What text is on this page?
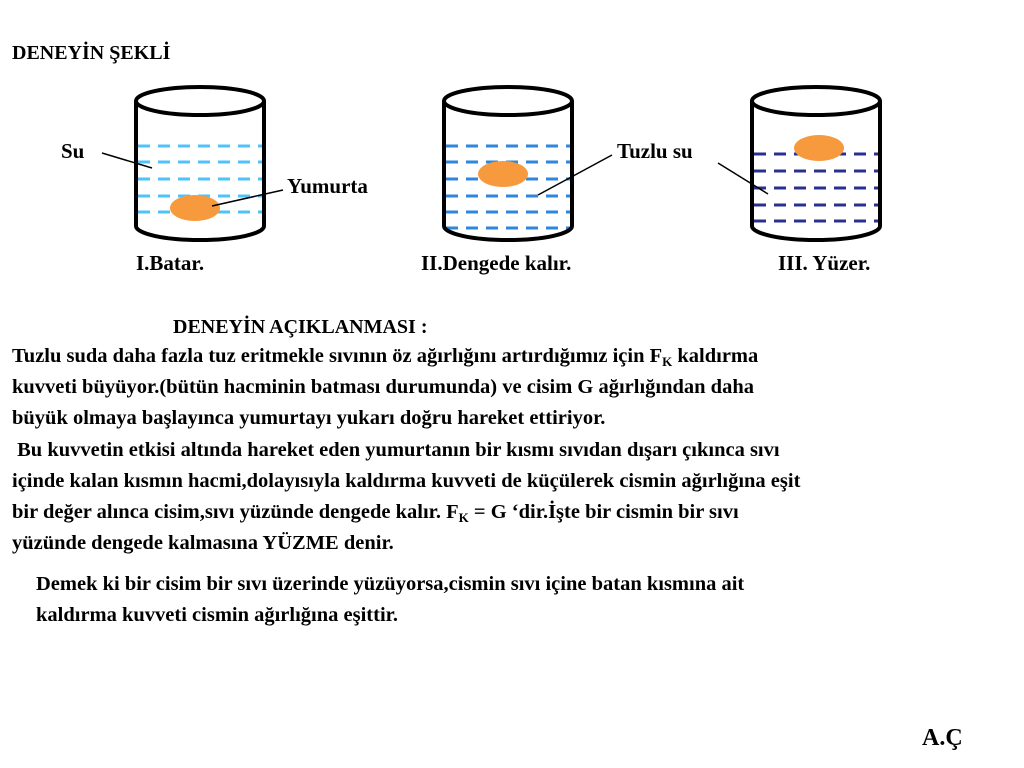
DENEYİN ŞEKLİ
Su
Yumurta
I.Batar.
Tuzlu su
II.Dengede kalır.	III. Yüzer.
DENEYİN AÇIKLANMASI :
Tuzlu suda daha fazla tuz eritmekle sıvının öz ağırlığını artırdığımız için $F_K$ kaldırma
kuvveti büyüyor.(bütün hacminin batması durumunda) ve cisim G ağırlığından daha
büyük olmaya başlayınca yumurtayı yukarı doğru hareket ettiriyor.
Bu kuvvetin etkisi altında hareket eden yumurtanın bir kısmı sıvıdan dışarı çıkınca sıvı
içinde kalan kısmın hacmi,dolayısıyla kaldırma kuvveti de küçülerek cismin ağırlığına eşit
bir değer alınca cisim,sıvı yüzünde dengede kalır. $F_K = G$ ‘dir.İşte bir cismin bir sıvı
yüzünde dengede kalmasına YÜZME denir.
Demek ki bir cisim bir sıvı üzerinde yüzüyorsa,cismin sıvı içine batan kısmına ait
kaldırma kuvveti cismin ağırlığına eşittir.
A.Ç
